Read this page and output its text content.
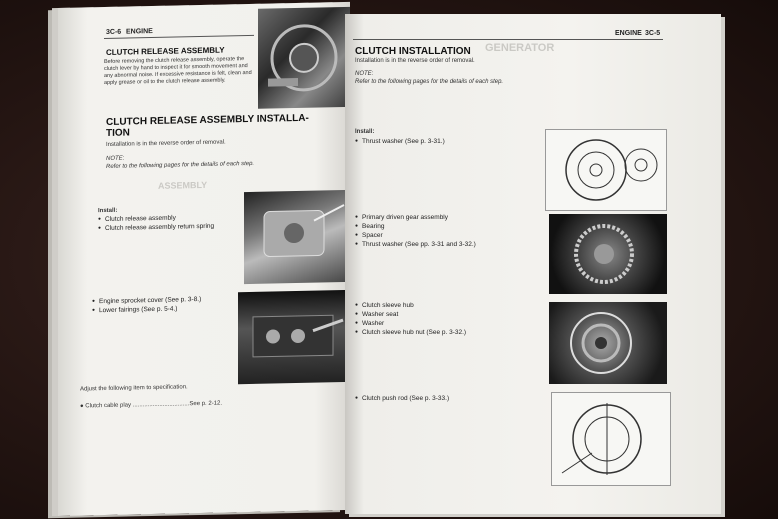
3C-6 ENGINE
CLUTCH RELEASE ASSEMBLY
Before removing the clutch release assembly, operate the clutch lever by hand to inspect it for smooth movement and any abnormal noise. If excessive resistance is felt, clean and apply grease or oil to the clutch release assembly.
CLUTCH RELEASE ASSEMBLY INSTALLA-
TION
Installation is in the reverse order of removal.
NOTE:
Refer to the following pages for the details of each step.
ASSEMBLY
Install:
● Clutch release assembly
● Clutch release assembly return spring
● Engine sprocket cover (See p. 3-8.)
● Lower fairings (See p. 5-4.)
Adjust the following item to specification.
● Clutch cable play ..................................See p. 2-12.
ENGINE 3C-5
GENERATOR
CLUTCH INSTALLATION
Installation is in the reverse order of removal.
NOTE:
Refer to the following pages for the details of each step.
Install:
● Thrust washer (See p. 3-31.)
● Primary driven gear assembly
● Bearing
● Spacer
● Thrust washer (See pp. 3-31 and 3-32.)
● Clutch sleeve hub
● Washer seat
● Washer
● Clutch sleeve hub nut (See p. 3-32.)
● Clutch push rod (See p. 3-33.)
